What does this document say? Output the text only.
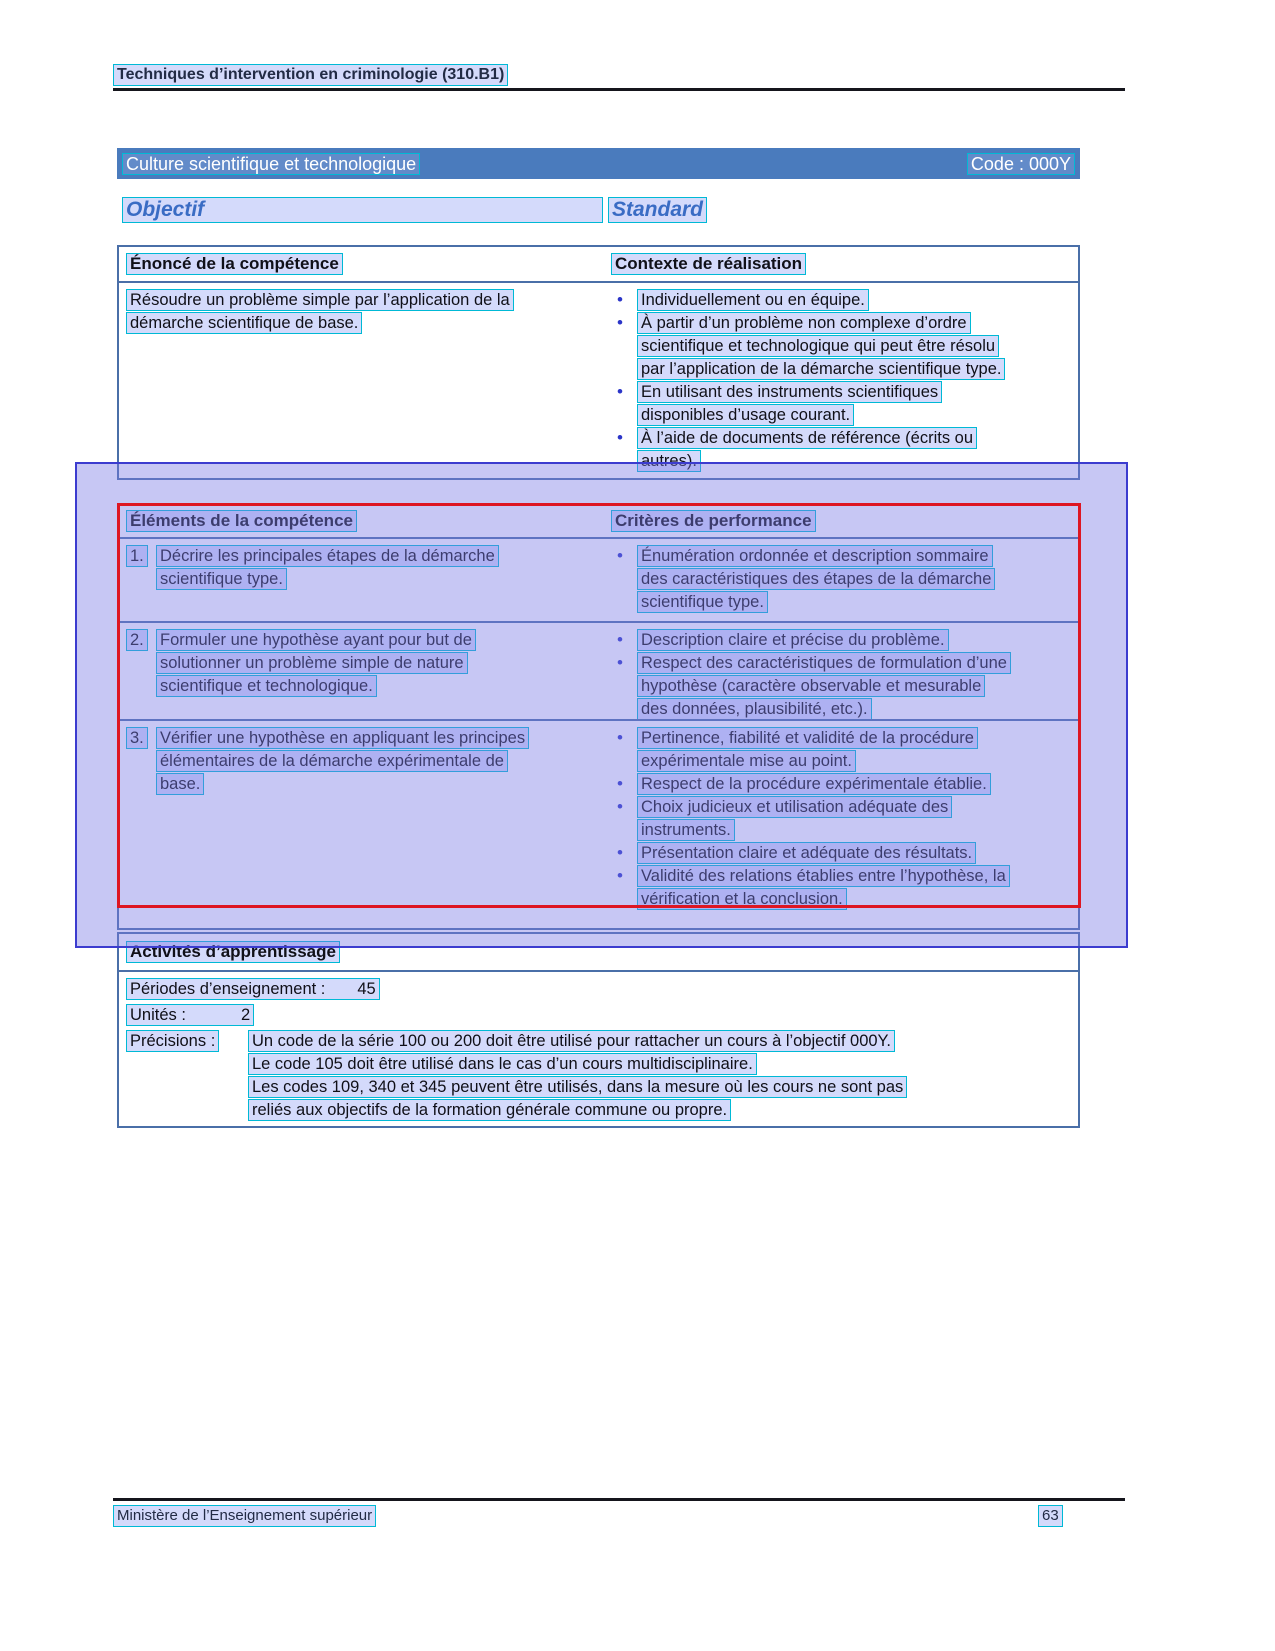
Techniques d’intervention en criminologie (310.B1)
Culture scientifique et technologique	Code : 000Y
Objectif	Standard
Énoncé de la compétence	Contexte de réalisation
Résoudre un problème simple par l’application de la
démarche scientifique de base.
•	Individuellement ou en équipe.
•	À partir d’un problème non complexe d’ordre
scientifique et technologique qui peut être résolu
par l’application de la démarche scientifique type.
•	En utilisant des instruments scientifiques
disponibles d’usage courant.
•	À l’aide de documents de référence (écrits ou
autres).
Éléments de la compétence	Critères de performance
1. Décrire les principales étapes de la démarche
scientifique type.
•	Énumération ordonnée et description sommaire
des caractéristiques des étapes de la démarche
scientifique type.
2. Formuler une hypothèse ayant pour but de
solutionner un problème simple de nature
scientifique et technologique.
•	Description claire et précise du problème.
•	Respect des caractéristiques de formulation d’une
hypothèse (caractère observable et mesurable
des données, plausibilité, etc.).
3. Vérifier une hypothèse en appliquant les principes
élémentaires de la démarche expérimentale de
base.
•	Pertinence, fiabilité et validité de la procédure
expérimentale mise au point.
•	Respect de la procédure expérimentale établie.
•	Choix judicieux et utilisation adéquate des
instruments.
•	Présentation claire et adéquate des résultats.
•	Validité des relations établies entre l’hypothèse, la
vérification et la conclusion.
Activités d’apprentissage
Périodes d’enseignement : 45
Unités :	2
Précisions :	Un code de la série 100 ou 200 doit être utilisé pour rattacher un cours à l’objectif 000Y.
Le code 105 doit être utilisé dans le cas d’un cours multidisciplinaire.
Les codes 109, 340 et 345 peuvent être utilisés, dans la mesure où les cours ne sont pas
reliés aux objectifs de la formation générale commune ou propre.
Ministère de l’Enseignement supérieur	63
